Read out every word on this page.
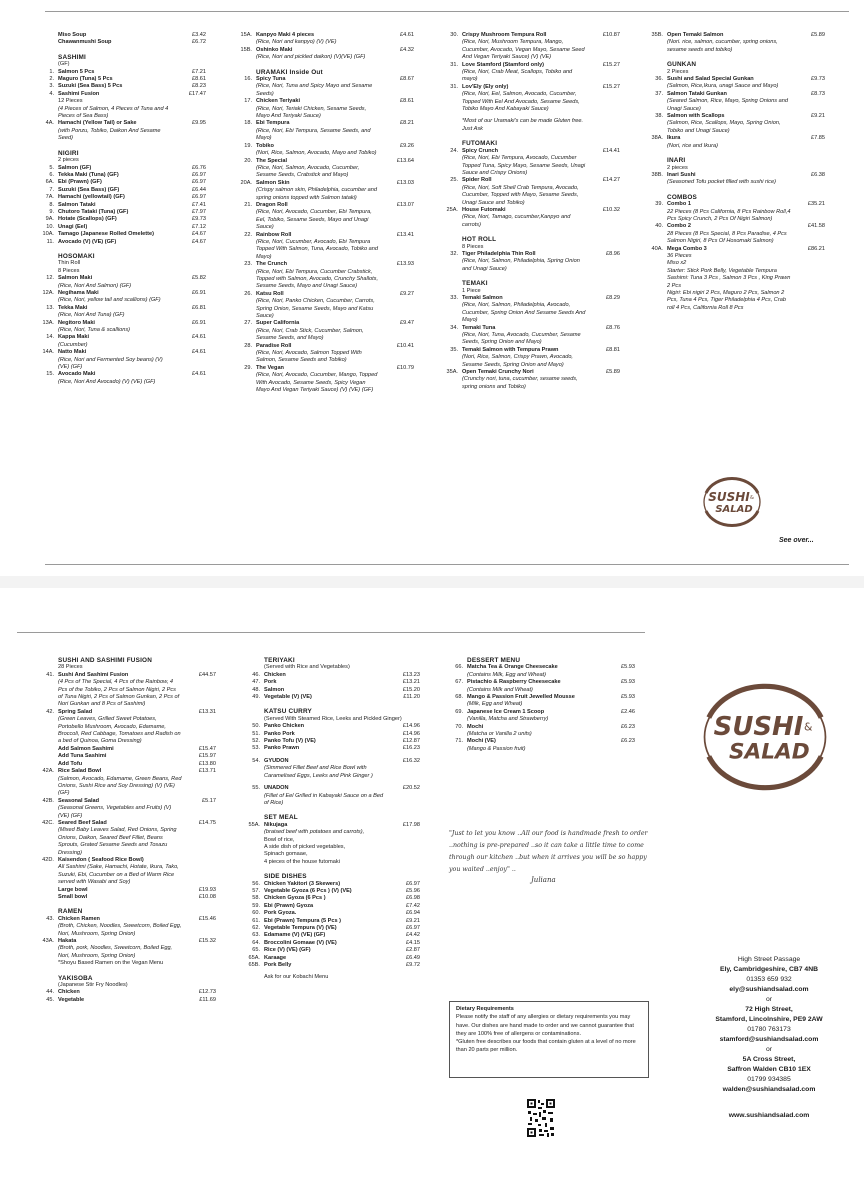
Miso Soup	£3.42
Chawanmushi Soup	£6.72
SASHIMI
(GF)
1. Salmon 5 Pcs	£7.21
2. Maguro (Tuna) 5 Pcs	£8.61
3. Suzuki (Sea Bass) 5 Pcs	£8.23
4. Sashimi Fusion	£17.47
12 Pieces
(4 Pieces of Salmon, 4 Pieces of Tuna and 4 Pieces of Sea Bass)
4A. Hamachi (Yellow Tail) or Sake	£9.95
(with Ponzu, Tobiko, Daikon And Sesame Seed)
NIGIRI
2 pieces
5. Salmon (GF)	£6.76
6. Tekka Maki (Tuna) (GF)	£6.97
6A. Ebi (Prawn) (GF)	£6.97
7. Suzuki (Sea Bass) (GF)	£6.44
7A. Hamachi (yellowtail) (GF)	£6.97
8. Salmon Tataki	£7.41
9. Chutoro Tataki (Tuna) (GF)	£7.97
9A. Hotate (Scallops) (GF)	£9.73
10. Unagi (Eel)	£7.12
10A. Tamago (Japanese Rolled Omelette)	£4.67
11. Avocado (V) (VE) (GF)	£4.67
HOSOMAKI
Thin Roll
8 Pieces
12. Salmon Maki	£5.82
(Rice, Nori And Salmon) (GF)
12A. Negihama Maki	£6.91
(Rice, Nori, yellow tail and scallions) (GF)
13. Tekka Maki	£6.81
(Rice, Nori And Tuna) (GF)
13A. Negitoro Maki	£6.91
(Rice, Nori, Tuna & scallions)
14. Kappa Maki	£4.61
(Cucumber)
14A. Natto Maki	£4.61
(Rice, Nori and Fermented Soy beans) (V) (VE) (GF)
15. Avocado Maki	£4.61
(Rice, Nori And Avocado) (V) (VE) (GF)
15A. Kanpyo Maki 4 pieces	£4.61
(Rice, Nori and kanpyo) (V) (VE)
15B. Oshinko Maki	£4.32
(Rice, Nori and pickled daikon) (V)(VE) (GF)
URAMAKI Inside Out
16. Spicy Tuna	£8.67
(Rice, Nori, Tuna and Spicy Mayo and Sesame Seeds)
17. Chicken Teriyaki	£8.61
(Rice, Nori, Teriaki Chicken, Sesame Seeds, Mayo And Teriyaki Sauce)
18. Ebi Tempura	£8.21
(Rice, Nori, Ebi Tempura, Sesame Seeds, and Mayo)
19. Tobiko	£9.26
(Nori, Rice, Salmon, Avocado, Mayo and Tobiko)
20. The Special	£13.64
(Rice, Nori, Salmon, Avocado, Cucumber, Sesame Seeds, Crabstick and Mayo)
20A. Salmon Skin	£13.03
(Crispy salmon skin, Philadelphia, cucumber and spring onions topped with Salmon tataki)
21. Dragon Roll	£13.07
(Rice, Nori, Avocado, Cucumber, Ebi Tempura, Eel, Tobiko, Sesame Seeds, Mayo and Unagi Sauce)
22. Rainbow Roll	£13.41
(Rice, Nori, Cucumber, Avocado, Ebi Tempura Topped With Salmon, Tuna, Avocado, Tobiko and Mayo)
23. The Crunch	£13.93
(Rice, Nori, Ebi Tempura, Cucumber Crabstick, Topped with Salmon, Avocado, Crunchy Shallots, Sesame Seeds, Mayo and Unagi Sauce)
26. Katsu Roll	£9.27
(Rice, Nori, Panko Chicken, Cucumber, Carrots, Spring Onion, Sesame Seeds, Mayo and Katsu Sauce)
27. Super California	£9.47
(Rice, Nori, Crab Stick, Cucumber, Salmon, Sesame Seeds, and Mayo)
28. Paradise Roll	£10.41
(Rice, Nori, Avocado, Salmon Topped With Salmon, Sesame Seeds and Tobiko)
29. The Vegan	£10.79
(Rice, Nori, Avocado, Cucumber, Mango, Topped With Avocado, Sesame Seeds, Spicy Vegan Mayo And Vegan Teriyaki Sauce) (V) (VE) (GF)
30. Crispy Mushroom Tempura Roll	£10.87
(Rice, Nori, Mushroom Tempura, Mango, Cucumber, Avocado, Vegan Mayo, Sesame Seed And Vegan Teriyaki Sauce) (V) (VE)
31. Love Stamford (Stamford only)	£15.27
(Rice, Nori, Crab Meat, Scallops, Tobiko and mayo)
31. Lov'Ely (Ely only)	£15.27
(Rice, Nori, Eel, Salmon, Avocado, Cucumber, Topped With Eel And Avocado, Sesame Seeds, Tobiko Mayo And Kabayaki Sauce)
*Most of our Uramaki's can be made Gluten free. Just Ask
FUTOMAKI
24. Spicy Crunch	£14.41
(Rice, Nori, Ebi Tempura, Avocado, Cucumber Topped Tuna, Spicy Mayo, Sesame Seeds, Unagi Sauce and Crispy Onions)
25. Spider Roll	£14.27
(Rice, Nori, Soft Shell Crab Tempura, Avocado, Cucumber, Topped with Mayo, Sesame Seeds, Unagi Sauce and Tobiko)
25A. House Futomaki	£10.32
(Rice, Nori, Tamago, cucumber,Kanpyo and carrots)
HOT ROLL
8 Pieces
32. Tiger Philadelphia Thin Roll	£8.96
(Rice, Nori, Salmon, Philadelphia, Spring Onion and Unagi Sauce)
TEMAKI
1 Piece
33. Temaki Salmon	£8.29
(Rice, Nori, Salmon, Philadelphia, Avocado, Cucumber, Spring Onion And Sesame Seeds And Mayo)
34. Temaki Tuna	£8.76
(Rice, Nori, Tuna, Avocado, Cucumber, Sesame Seeds, Spring Onion and Mayo)
35. Temaki Salmon with Tempura Prawn	£8.81
(Nori, Rice, Salmon, Crispy Prawn, Avocado, Sesame Seeds, Spring Onion and Mayo)
35A. Open Temaki Crunchy Nori	£5.89
(Crunchy nori, tuna, cucumber, sesame seeds, spring onions and Tobiko)
35B. Open Temaki Salmon	£5.89
(Nori. rice, salmon, cucumber, spring onions, sesame seeds and tobiko)
GUNKAN
2 Pieces
36. Sushi and Salad Special Gunkan	£9.73
(Salmon, Rice,Ikura, unagi Sauce and Mayo)
37. Salmon Tataki Gunkan	£8.73
(Seared Salmon, Rice, Mayo, Spring Onions and Unagi Sauce)
38. Salmon with Scallops	£9.21
(Salmon, Rice, Scallops, Mayo, Spring Onion, Tobiko and Unagi Sauce)
38A. Ikura	£7.85
(Nori, rice and Ikura)
INARI
2 pieces
38B. Inari Sushi	£6.38
(Seasoned Tofu pocket filled with sushi rice)
COMBOS
39. Combo 1	£35.21
22 Pieces (8 Pcs California, 8 Pcs Rainbow Roll,4 Pcs Spicy Crunch, 2 Pcs Of Nigiri Salmon)
40. Combo 2	£41.58
28 Pieces (8 Pcs Special, 8 Pcs Paradise, 4 Pcs Salmon Nigiri, 8 Pcs Of Hosomaki Salmon)
40A. Mega Combo 3	£86.21
36 Pieces
Miso x2
Starter: Stick Pork Belly, Vegetable Tempura
Sashimi: Tuna 3 Pcs , Salmon 3 Pcs , King Prawn 2 Pcs
Nigiri: Ebi nigiri 2 Pcs, Maguro 2 Pcs, Salmon 2 Pcs, Tuna 4 Pcs, Tiger Philadelphia 4 Pcs, Crab roll 4 Pcs, California Roll 8 Pcs
SUSHI &
SALAD
See over...
SUSHI AND SASHIMI FUSION
28 Pieces
41. Sushi And Sashimi Fusion	£44.57
(4 Pcs of The Special, 4 Pcs of the Rainbow, 4 Pcs of the Tobiko, 2 Pcs of Salmon Nigiri, 2 Pcs of Tuna Nigiri, 2 Pcs of Salmon Gunkan, 2 Pcs of Nori Gunkan and 8 Pcs of Sashimi)
42. Spring Salad	£13.31
(Green Leaves, Grilled Sweet Potatoes, Portobello Mushroom, Avocado, Edamame, Broccoli, Red Cabbage, Tomatoes and Radish on a bed of Quinoa, Goma Dressing)
Add Salmon Sashimi	£15.47
Add Tuna Sashimi	£15.97
Add Tofu	£13.80
42A. Rice Salad Bowl	£13.71
(Salmon, Avocado, Edamame, Green Beans, Red Onions, Sushi Rice and Soy Dressing) (V) (VE) (GF)
42B. Seasonal Salad	£5.17
(Seasonal Greens, Vegetables and Fruits) (V) (VE) (GF)
42C. Seared Beef Salad	£14.75
(Mixed Baby Leaves Salad, Red Onions, Spring Onions, Daikon, Seared Beef Fillet, Beans Sprouts, Grated Sesame Seeds and Tosazu Dressing)
42D. Kaisendon ( Seafood Rice Bowl)
All Sashimi (Sake, Hamachi, Hotate, Ikura, Tako, Suzuki, Ebi, Cucumber on a Bed of Warm Rice served with Wasabi and Soy)
Large bowl	£19.93
Small bowl	£10.08
RAMEN
43. Chicken Ramen	£15.46
(Broth, Chicken, Noodles, Sweetcorn, Boiled Egg, Nori, Mushroom, Spring Onion)
43A. Hakata	£15.32
(Broth, pork, Noodles, Sweetcorn, Boiled Egg, Nori, Mushroom, Spring Onion)
*Shoyu Based Ramen on the Vegan Menu
YAKISOBA
(Japanese Stir Fry Noodles)
44. Chicken	£12.73
45. Vegetable	£11.69
TERIYAKI
(Served with Rice and Vegetables)
46. Chicken	£13.23
47. Pork	£13.21
48. Salmon	£15.20
49. Vegetable (V) (VE)	£11.20
KATSU CURRY
(Served With Steamed Rice, Leeks and Pickled Ginger)
50. Panko Chicken	£14.96
51. Panko Pork	£14.96
52. Panko Tofu (V) (VE)	£12.87
53. Panko Prawn	£16.23
54. GYUDON	£16.32
(Simmered Fillet Beef and Rice Bowl with Caramelised Eggs, Leeks and Pink Ginger )
55. UNADON	£20.52
(Fillet of Eel Grilled in Kabayaki Sauce on a Bed of Rice)
SET MEAL
55A. Nikujaga	£17.98
(braised beef with potatoes and carrots),
Bowl of rice,
A side dish of picked vegetables,
Spinach gomaae,
4 pieces of the house futomaki
SIDE DISHES
56. Chicken Yakitori (3 Skewers)	£6.97
57. Vegetable Gyoza (6 Pcs ) (V) (VE)	£5.96
58. Chicken Gyoza (6 Pcs )	£6.98
59. Ebi (Prawn) Gyoza	£7.42
60. Pork Gyoza.	£6.94
61. Ebi (Prawn) Tempura (5 Pcs )	£9.21
62. Vegetable Tempura (V) (VE)	£6.97
63. Edamame (V) (VE) (GF)	£4.42
64. Broccolini Gomaae (V) (VE)	£4.15
65. Rice (V) (VE) (GF)	£2.87
65A. Karaage	£6.49
65B. Pork Belly	£9.72
Ask for our Kobachi Menu
DESSERT MENU
66. Matcha Tea & Orange Cheesecake	£5.93
(Contains Milk, Egg and Wheat)
67. Pistachio & Raspberry Cheesecake	£5.93
(Contains Milk and Wheat)
68. Mango & Passion Fruit Jewelled Mousse	£5.93
(Milk, Egg and Wheat)
69. Japanese Ice Cream 1 Scoop	£2.46
(Vanilla, Matcha and Strawberry)
70. Mochi	£6.23
(Matcha or Vanilla 2 units)
71. Mochi (VE)	£6.23
(Mango & Passion fruit)
SUSHI &
SALAD
"Just to let you know ..All our food is handmade fresh to order ..nothing is pre-prepared ..so it can take a little time to come through our kitchen ..but when it arrives you will be so happy you waited ..enjoy" ..
Juliana
Dietary Requirements
Please notify the staff of any allergies or dietary requirements you may have. Our dishes are hand made to order and we cannot guarantee that they are 100% free of allergens or contaminations.
*Gluten free describes our foods that contain gluten at a level of no more than 20 parts per million.
High Street Passage
Ely, Cambridgeshire, CB7 4NB
01353 659 932
ely@sushiandsalad.com
or
72 High Street,
Stamford, Lincolnshire, PE9 2AW
01780 763173
stamford@sushiandsalad.com
or
5A Cross Street,
Saffron Walden CB10 1EX
01799 934385
walden@sushiandsalad.com
www.sushiandsalad.com
